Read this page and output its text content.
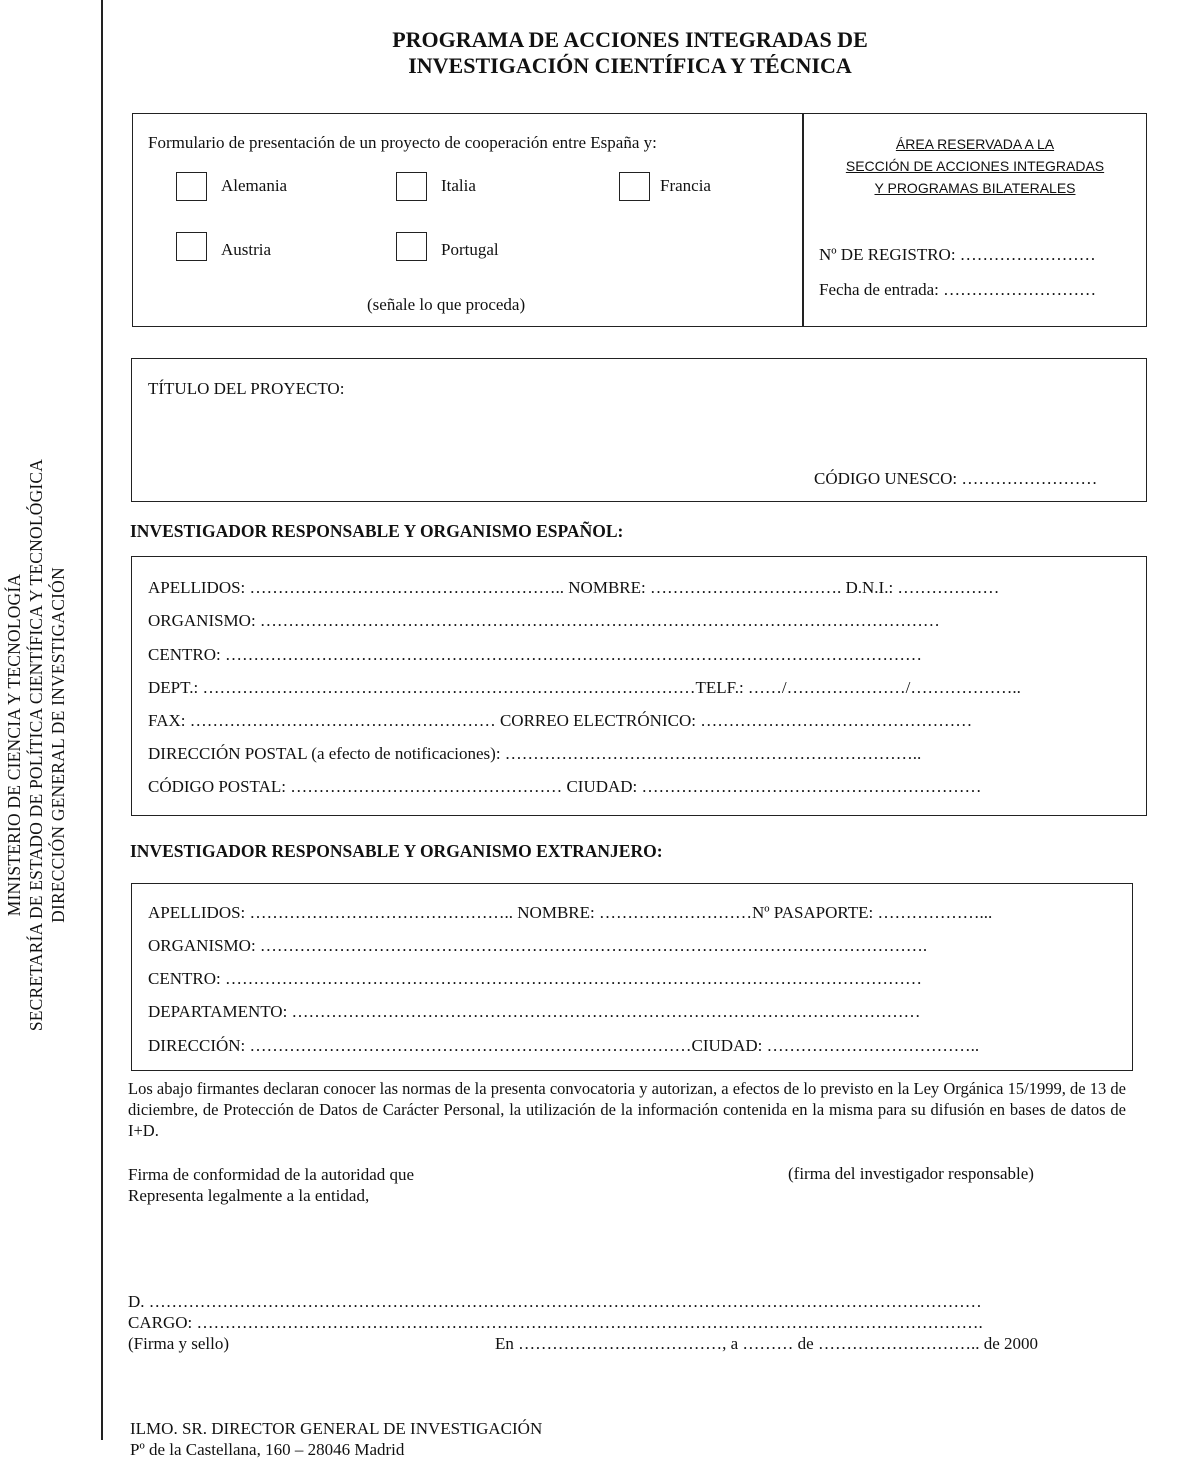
MINISTERIO DE CIENCIA Y TECNOLOGÍA SECRETARÍA DE ESTADO DE POLÍTICA CIENTÍFICA Y TECNOLÓGICA DIRECCIÓN GENERAL DE INVESTIGACIÓN
PROGRAMA DE ACCIONES INTEGRADAS DE
INVESTIGACIÓN CIENTÍFICA Y TÉCNICA
Formulario de presentación de un proyecto de cooperación entre España y:
Alemania	Italia	Francia
Austria	Portugal
(señale lo que proceda)
ÁREA RESERVADA A LA
SECCIÓN DE ACCIONES INTEGRADAS
Y PROGRAMAS BILATERALES
Nº DE REGISTRO: ……………………
Fecha de entrada: ………………………
TÍTULO DEL PROYECTO:
CÓDIGO UNESCO: ……………………
INVESTIGADOR RESPONSABLE Y ORGANISMO ESPAÑOL:
APELLIDOS: ……………………………………………….. NOMBRE: ……………………………. D.N.I.: ………………
ORGANISMO: …………………………………………………………………………………………………………
CENTRO: ……………………………………………………………………………………………………………
DEPT.: ……………………………………………………………………………TELF.: ……/…………………/………………..
FAX: ……………………………………………… CORREO ELECTRÓNICO: …………………………………………
DIRECCIÓN POSTAL (a efecto de notificaciones): ………………………………………………………………..
CÓDIGO POSTAL: ………………………………………… CIUDAD: ……………………………………………………
INVESTIGADOR RESPONSABLE Y ORGANISMO EXTRANJERO:
APELLIDOS: ……………………………………….. NOMBRE: ………………………Nº PASAPORTE: ………………...
ORGANISMO: ……………………………………………………………………………………………………….
CENTRO: ……………………………………………………………………………………………………………
DEPARTAMENTO: …………………………………………………………………………………………………
DIRECCIÓN: ……………………………………………………………………CIUDAD: ………………………………..
Los abajo firmantes declaran conocer las normas de la presenta convocatoria y autorizan, a efectos de lo previsto en la Ley Orgánica 15/1999, de 13 de diciembre, de Protección de Datos de Carácter Personal, la utilización de la información contenida en la misma para su difusión en bases de datos de I+D.
Firma de conformidad de la autoridad que
Representa legalmente a la entidad,
(firma del investigador responsable)
D. …………………………………………………………………………………………………………………………………
CARGO: ………………………………………………………………………………………………………………………….
(Firma y sello)	En ………………………………, a ……… de ……………………….. de 2000
ILMO. SR. DIRECTOR GENERAL DE INVESTIGACIÓN
Pº de la Castellana, 160 – 28046 Madrid
